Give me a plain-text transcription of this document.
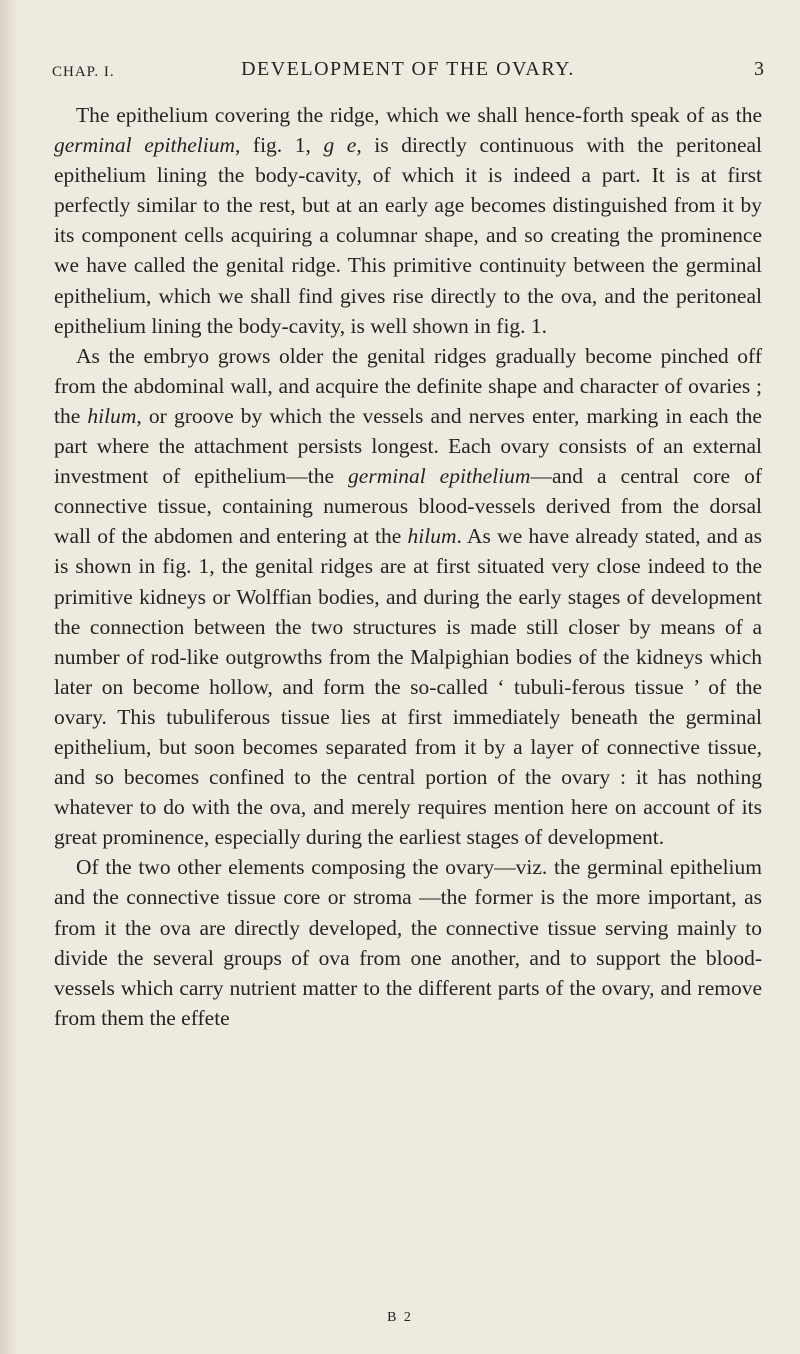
CHAP. I.	DEVELOPMENT OF THE OVARY.	3

The epithelium covering the ridge, which we shall hence-forth speak of as the germinal epithelium, fig. 1, g e, is directly continuous with the peritoneal epithelium lining the body-cavity, of which it is indeed a part. It is at first perfectly similar to the rest, but at an early age becomes distinguished from it by its component cells acquiring a columnar shape, and so creating the prominence we have called the genital ridge. This primitive continuity between the germinal epithelium, which we shall find gives rise directly to the ova, and the peritoneal epithelium lining the body-cavity, is well shown in fig. 1.

As the embryo grows older the genital ridges gradually become pinched off from the abdominal wall, and acquire the definite shape and character of ovaries ; the hilum, or groove by which the vessels and nerves enter, marking in each the part where the attachment persists longest. Each ovary consists of an external investment of epithelium—the germinal epithelium—and a central core of connective tissue, containing numerous blood-vessels derived from the dorsal wall of the abdomen and entering at the hilum. As we have already stated, and as is shown in fig. 1, the genital ridges are at first situated very close indeed to the primitive kidneys or Wolffian bodies, and during the early stages of development the connection between the two structures is made still closer by means of a number of rod-like outgrowths from the Malpighian bodies of the kidneys which later on become hollow, and form the so-called ‘ tubuli-ferous tissue ’ of the ovary. This tubuliferous tissue lies at first immediately beneath the germinal epithelium, but soon becomes separated from it by a layer of connective tissue, and so becomes confined to the central portion of the ovary : it has nothing whatever to do with the ova, and merely requires mention here on account of its great prominence, especially during the earliest stages of development.

Of the two other elements composing the ovary—viz. the germinal epithelium and the connective tissue core or stroma —the former is the more important, as from it the ova are directly developed, the connective tissue serving mainly to divide the several groups of ova from one another, and to support the blood-vessels which carry nutrient matter to the different parts of the ovary, and remove from them the effete

B 2
